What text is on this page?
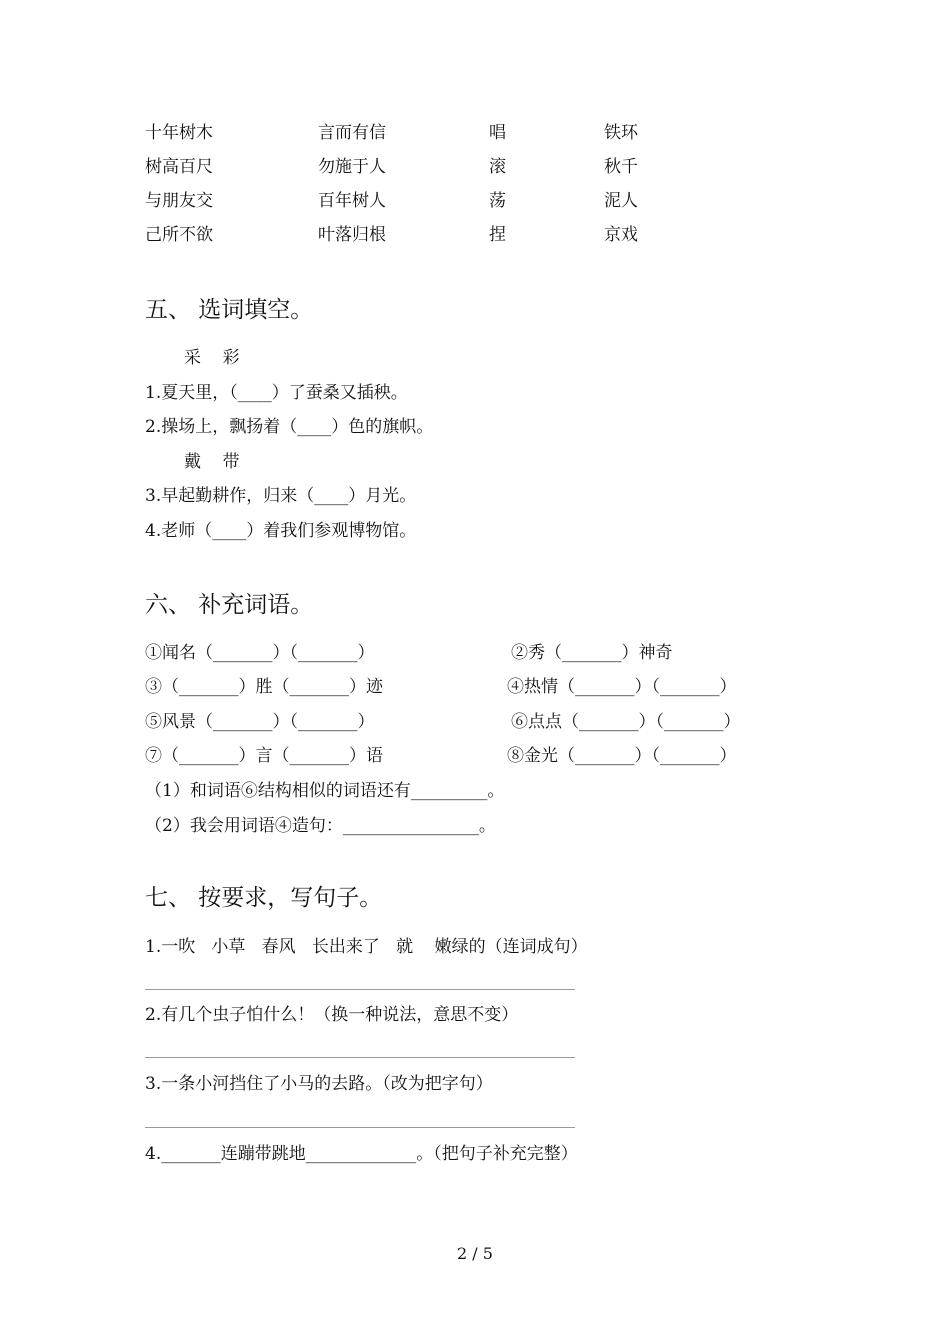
十年树木
树高百尺
与朋友交
己所不欲
言而有信
勿施于人
百年树人
叶落归根
唱
滚
荡
捏
铁环
秋千
泥人
京戏
五、 选词填空。
采    彩
1.夏天里，（____）了蚕桑又插秧。
2.操场上，飘扬着（____）色的旗帜。
戴    带
3.早起勤耕作，归来（____）月光。
4.老师（____）着我们参观博物馆。
六、 补充词语。
①闻名（_______）（_______）
③（_______）胜（_______）迹
⑤风景（_______）（_______）
⑦（_______）言（_______）语
②秀（_______）神奇
④热情（_______）（_______）
⑥点点（_______）（_______）
⑧金光（_______）（_______）
（1）和词语⑥结构相似的词语还有_________。
（2）我会用词语④造句：________________。
七、 按要求，写句子。
1.一吹   小草   春风   长出来了   就    嫩绿的（连词成句）
2.有几个虫子怕什么！（换一种说法，意思不变）
3.一条小河挡住了小马的去路。（改为把字句）
4._______连蹦带跳地_____________。（把句子补充完整）
2 / 5
